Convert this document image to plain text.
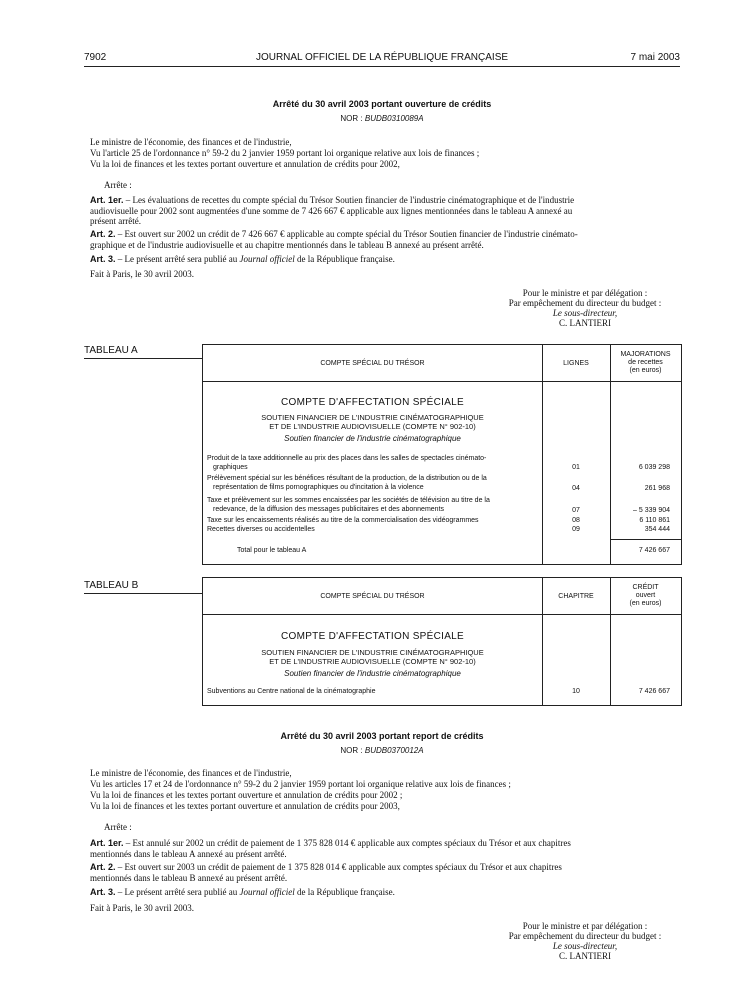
7902	JOURNAL OFFICIEL DE LA RÉPUBLIQUE FRANÇAISE	7 mai 2003
Arrêté du 30 avril 2003 portant ouverture de crédits
NOR : BUDB0310089A

Le ministre de l'économie, des finances et de l'industrie,

Vu l'article 25 de l'ordonnance n° 59-2 du 2 janvier 1959 portant loi organique relative aux lois de finances ;

Vu la loi de finances et les textes portant ouverture et annulation de crédits pour 2002,

Arrête :

Art. 1er. – Les évaluations de recettes du compte spécial du Trésor Soutien financier de l'industrie cinématographique et de l'industrie

audiovisuelle pour 2002 sont augmentées d'une somme de 7 426 667 € applicable aux lignes mentionnées dans le tableau A annexé au

présent arrêté.

Art. 2. – Est ouvert sur 2002 un crédit de 7 426 667 € applicable au compte spécial du Trésor Soutien financier de l'industrie cinémato-

graphique et de l'industrie audiovisuelle et au chapitre mentionnés dans le tableau B annexé au présent arrêté.

Art. 3. – Le présent arrêté sera publié au Journal officiel de la République française.

Fait à Paris, le 30 avril 2003.

Pour le ministre et par délégation :
Par empêchement du directeur du budget :
Le sous-directeur,
C. LANTIERI
TABLEAU A
COMPTE SPÉCIAL DU TRÉSOR	LIGNES
MAJORATIONS
de recettes
(en euros)
COMPTE D'AFFECTATION SPÉCIALE
SOUTIEN FINANCIER DE L'INDUSTRIE CINÉMATOGRAPHIQUE
ET DE L'INDUSTRIE AUDIOVISUELLE (COMPTE N° 902-10)
Soutien financier de l'industrie cinématographique
Produit de la taxe additionnelle au prix des places dans les salles de spectacles cinémato-
graphiques	01	6 039 298
Prélèvement spécial sur les bénéfices résultant de la production, de la distribution ou de la
représentation de films pornographiques ou d'incitation à la violence	04	261 968
Taxe et prélèvement sur les sommes encaissées par les sociétés de télévision au titre de la
redevance, de la diffusion des messages publicitaires et des abonnements	07	– 5 339 904
Taxe sur les encaissements réalisés au titre de la commercialisation des vidéogrammes	08	6 110 861
Recettes diverses ou accidentelles	09	354 444
Total pour le tableau A	7 426 667
TABLEAU B
COMPTE SPÉCIAL DU TRÉSOR	CHAPITRE
CRÉDIT
ouvert
(en euros)
COMPTE D'AFFECTATION SPÉCIALE
SOUTIEN FINANCIER DE L'INDUSTRIE CINÉMATOGRAPHIQUE
ET DE L'INDUSTRIE AUDIOVISUELLE (COMPTE N° 902-10)
Soutien financier de l'industrie cinématographique
Subventions au Centre national de la cinématographie	10	7 426 667
Arrêté du 30 avril 2003 portant report de crédits
NOR : BUDB0370012A

Le ministre de l'économie, des finances et de l'industrie,

Vu les articles 17 et 24 de l'ordonnance n° 59-2 du 2 janvier 1959 portant loi organique relative aux lois de finances ;

Vu la loi de finances et les textes portant ouverture et annulation de crédits pour 2002 ;

Vu la loi de finances et les textes portant ouverture et annulation de crédits pour 2003,

Arrête :

Art. 1er. – Est annulé sur 2002 un crédit de paiement de 1 375 828 014 € applicable aux comptes spéciaux du Trésor et aux chapitres

mentionnés dans le tableau A annexé au présent arrêté.

Art. 2. – Est ouvert sur 2003 un crédit de paiement de 1 375 828 014 € applicable aux comptes spéciaux du Trésor et aux chapitres

mentionnés dans le tableau B annexé au présent arrêté.

Art. 3. – Le présent arrêté sera publié au Journal officiel de la République française.

Fait à Paris, le 30 avril 2003.

Pour le ministre et par délégation :
Par empêchement du directeur du budget :
Le sous-directeur,
C. LANTIERI
